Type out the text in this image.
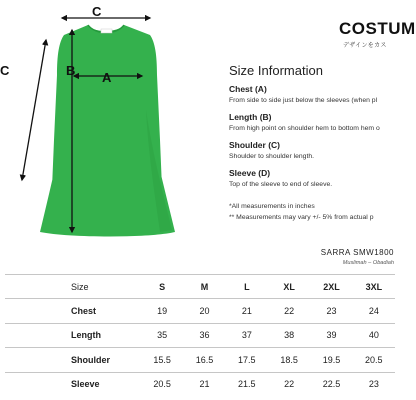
C
B A
C
COSTUM
デザインをカス
Size Information
Chest (A)
From side to side just below the sleeves (when pl
Length (B)
From high point on shoulder hem to bottom hem o
Shoulder (C)
Shoulder to shoulder length.
Sleeve (D)
Top of the sleeve to end of sleeve.
*All measurements in inches
** Measurements may vary +/- 5% from actual p
SARRA SMW1800
Muslimah – Obadiah
Size	S	M	L	XL	2XL	3XL
Chest	19	20	21	22	23	24
Length	35	36	37	38	39	40
Shoulder	15.5	16.5	17.5	18.5	19.5	20.5
Sleeve	20.5	21	21.5	22	22.5	23
